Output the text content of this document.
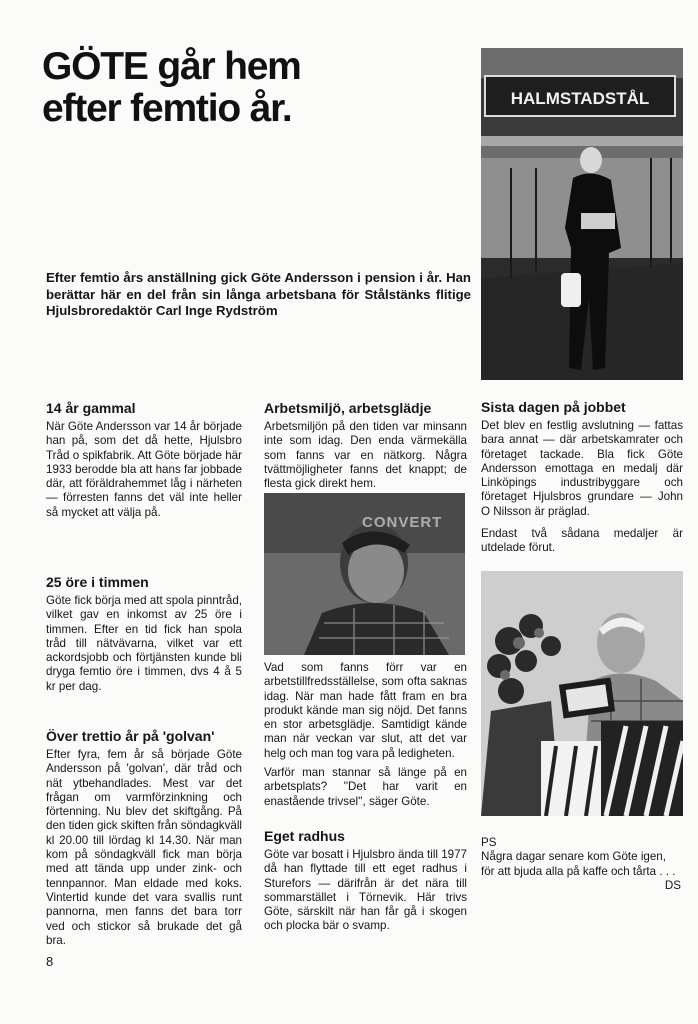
GÖTE går hem
efter femtio år.

Efter femtio års anställning gick Göte Andersson i pension i år. Han berättar här en del från sin långa arbetsbana för Stålstänks flitige Hjulsbroredaktör Carl Inge Rydström

HALMSTADSTÅL
CONVERT
14 år gammal

När Göte Andersson var 14 år började han på, som det då hette, Hjulsbro Tråd o spikfabrik. Att Göte började här 1933 berodde bla att hans far jobbade där, att föräldrahemmet låg i närheten — förresten fanns det väl inte heller så mycket att välja på.

25 öre i timmen

Göte fick börja med att spola pinntråd, vilket gav en inkomst av 25 öre i timmen. Efter en tid fick han spola tråd till nätvävarna, vilket var ett ackordsjobb och förtjänsten kunde bli dryga femtio öre i timmen, dvs 4 å 5 kr per dag.

Över trettio år på 'golvan'

Efter fyra, fem år så började Göte Andersson på 'golvan', där tråd och nät ytbehandlades. Mest var det frågan om varmförzinkning och förtenning. Nu blev det skiftgång. På den tiden gick skiften från söndagkväll kl 20.00 till lördag kl 14.30. När man kom på söndagkväll fick man börja med att tända upp under zink- och tennpannor. Man eldade med koks. Vintertid kunde det vara svallis runt pannorna, men fanns det bara torr ved och stickor så brukade det gå bra.

Arbetsmiljö, arbetsglädje

Arbetsmiljön på den tiden var minsann inte som idag. Den enda värmekälla som fanns var en nätkorg. Några tvättmöjligheter fanns det knappt; de flesta gick direkt hem.

Vad som fanns förr var en arbetstillfredsställelse, som ofta saknas idag. När man hade fått fram en bra produkt kände man sig nöjd. Det fanns en stor arbetsglädje. Samtidigt kände man när veckan var slut, att det var helg och man tog vara på ledigheten.

Varför man stannar så länge på en arbetsplats? ''Det har varit en enastående trivsel'', säger Göte.

Eget radhus

Göte var bosatt i Hjulsbro ända till 1977 då han flyttade till ett eget radhus i Sturefors — därifrån är det nära till sommarstället i Törnevik. Här trivs Göte, särskilt när han får gå i skogen och plocka bär o svamp.

Sista dagen på jobbet

Det blev en festlig avslutning — fattas bara annat — där arbetskamrater och företaget tackade. Bla fick Göte Andersson emottaga en medalj där Linköpings industribyggare och företaget Hjulsbros grundare — John O Nilsson är präglad.

Endast två sådana medaljer är utdelade förut.

PS
Några dagar senare kom Göte igen, för att bjuda alla på kaffe och tårta . . .
DS
8
